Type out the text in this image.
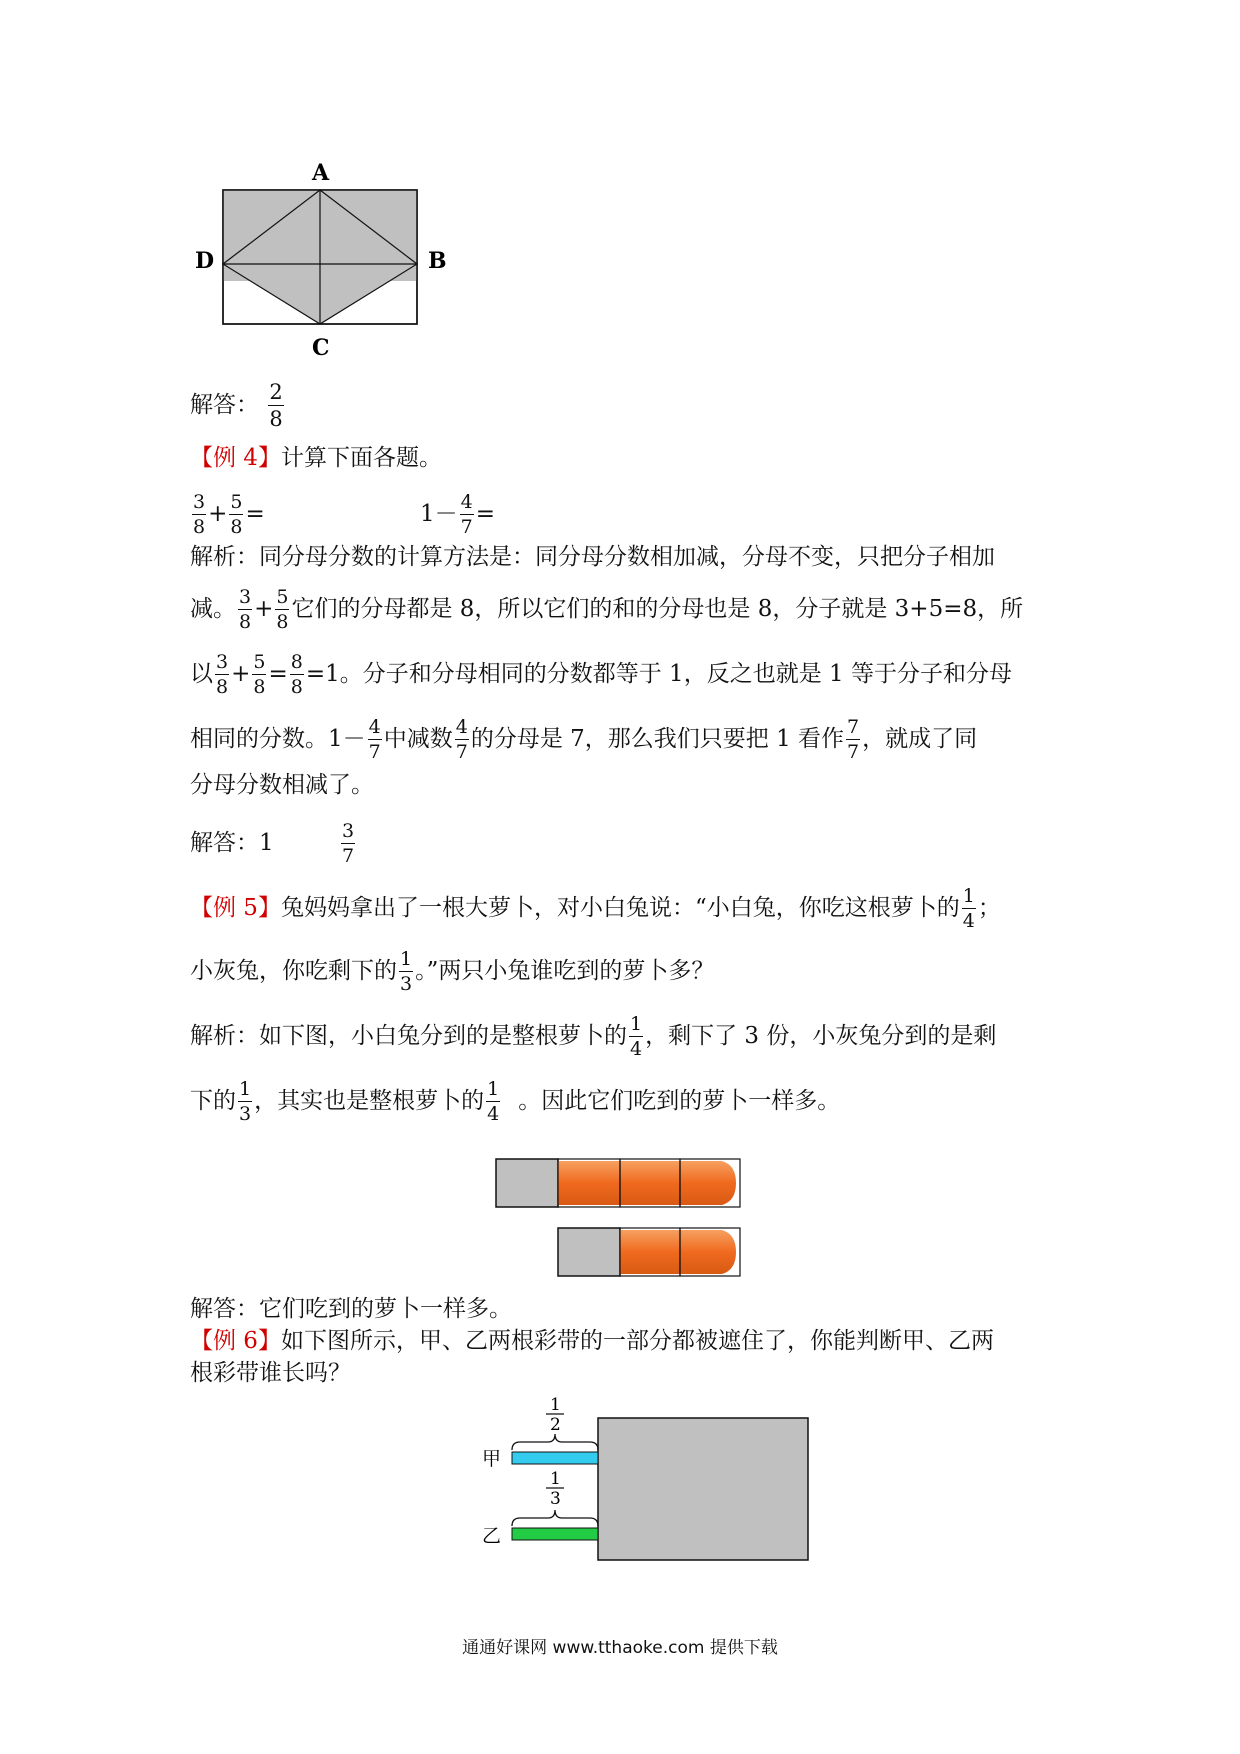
A
B
C
D
解答： $\frac{2}{8}$
【例 4】计算下面各题。
$\frac{3}{8} + \frac{5}{8}$ =	$1- \frac{4}{7}$ =
解析：同分母分数的计算方法是：同分母分数相加减，分母不变，只把分子相加
减。 $\frac{3}{8} + \frac{5}{8}$ 它们的分母都是 8，所以它们的和的分母也是 8，分子就是 3+5=8，所
以 $\frac{3}{8} + \frac{5}{8} = \frac{8}{8} =1$。分子和分母相同的分数都等于 1，反之也就是 1 等于分子和分母
相同的分数。$1- \frac{4}{7}$ 中减数 $\frac{4}{7}$ 的分母是 7，那么我们只要把 1 看作 $\frac{7}{7}$ ，就成了同
分母分数相减了。
解答：1	$\frac{3}{7}$
【例 5】兔妈妈拿出了一根大萝卜，对小白兔说：“小白兔，你吃这根萝卜的 $\frac{1}{4}$ ；
小灰兔，你吃剩下的 $\frac{1}{3}$ 。”两只小兔谁吃到的萝卜多？
解析：如下图，小白兔分到的是整根萝卜的 $\frac{1}{4}$ ，剩下了 3 份，小灰兔分到的是剩
下的 $\frac{1}{3}$ ，其实也是整根萝卜的 $\frac{1}{4}$ 。因此它们吃到的萝卜一样多。
解答：它们吃到的萝卜一样多。
【例 6】如下图所示，甲、乙两根彩带的一部分都被遮住了，你能判断甲、乙两
根彩带谁长吗？
甲
1
2
乙
1
3
通通好课网 www.tthaoke.com 提供下载
